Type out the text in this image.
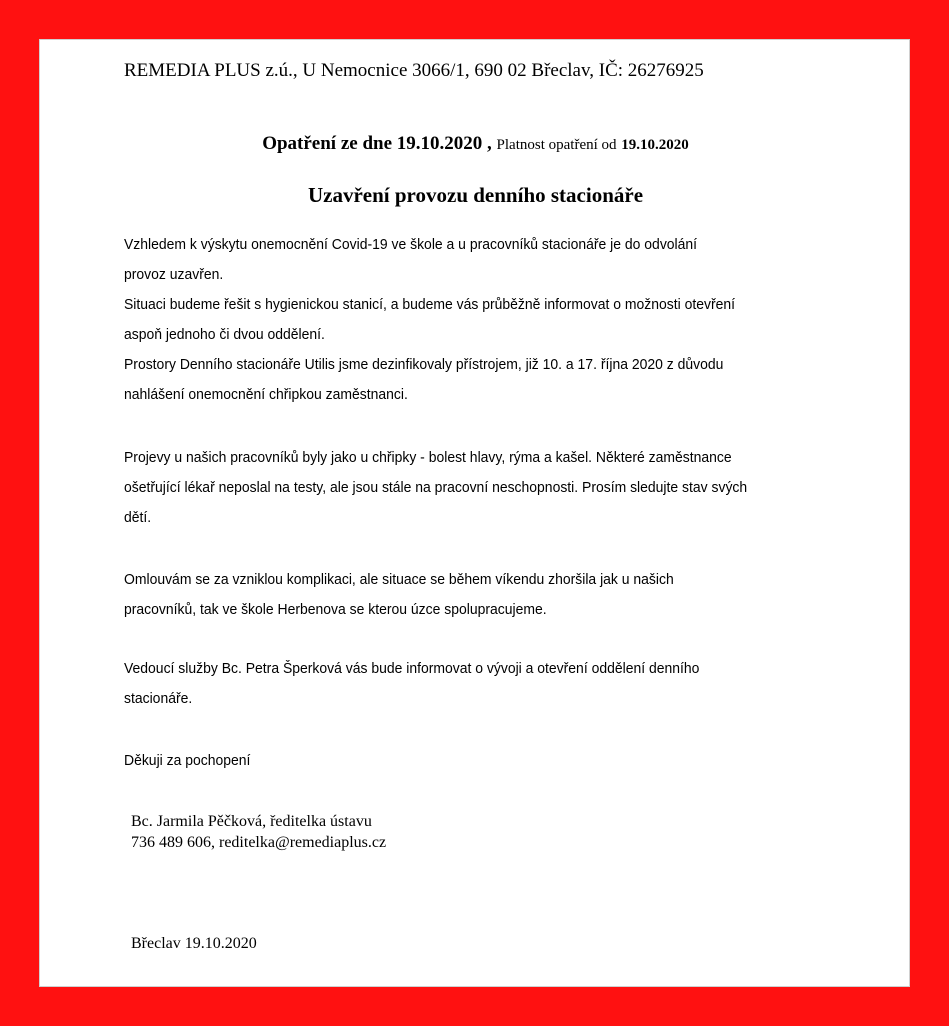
REMEDIA PLUS z.ú., U Nemocnice 3066/1, 690 02 Břeclav, IČ: 26276925
Opatření ze dne 19.10.2020 , Platnost opatření od 19.10.2020
Uzavření provozu denního stacionáře
Vzhledem k výskytu onemocnění Covid-19 ve škole a u pracovníků stacionáře je do odvolání
provoz uzavřen.
Situaci budeme řešit s hygienickou stanicí, a budeme vás průběžně informovat o možnosti otevření
aspoň jednoho či dvou oddělení.
Prostory Denního stacionáře Utilis jsme dezinfikovaly přístrojem, již 10. a 17. října 2020 z důvodu
nahlášení onemocnění chřipkou zaměstnanci.
Projevy u našich pracovníků byly jako u chřipky - bolest hlavy, rýma a kašel. Některé zaměstnance
ošetřující lékař neposlal na testy, ale jsou stále na pracovní neschopnosti. Prosím sledujte stav svých
dětí.
Omlouvám se za vzniklou komplikaci, ale situace se během víkendu zhoršila jak u našich
pracovníků, tak ve škole Herbenova se kterou úzce spolupracujeme.
Vedoucí služby Bc. Petra Šperková vás bude informovat o vývoji a otevření oddělení denního
stacionáře.
Děkuji za pochopení
Bc. Jarmila Pěčková, ředitelka ústavu
736 489 606, reditelka@remediaplus.cz
Břeclav 19.10.2020
